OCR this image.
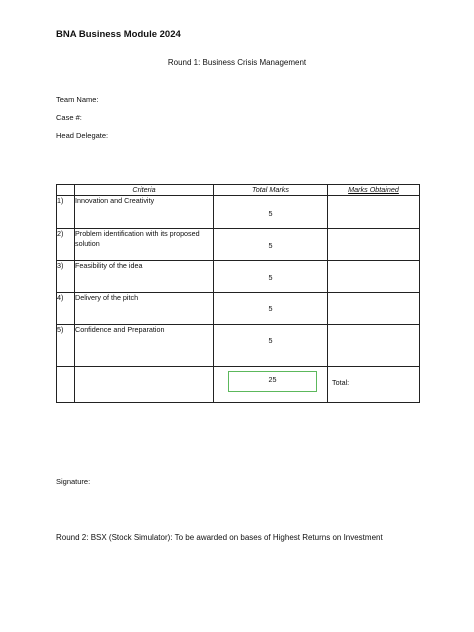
BNA Business Module 2024
Round 1: Business Crisis Management
Team Name:
Case #:
Head Delegate:
	Criteria	Total Marks	Marks Obtained
1)	Innovation and Creativity	5	

2)	Problem identification with its proposed solution	5	

3)	Feasibility of the idea	5	

4)	Delivery of the pitch	5	

5)	Confidence and Preparation	5	

		25	Total:
Signature:
Round 2: BSX (Stock Simulator): To be awarded on bases of Highest Returns on Investment
